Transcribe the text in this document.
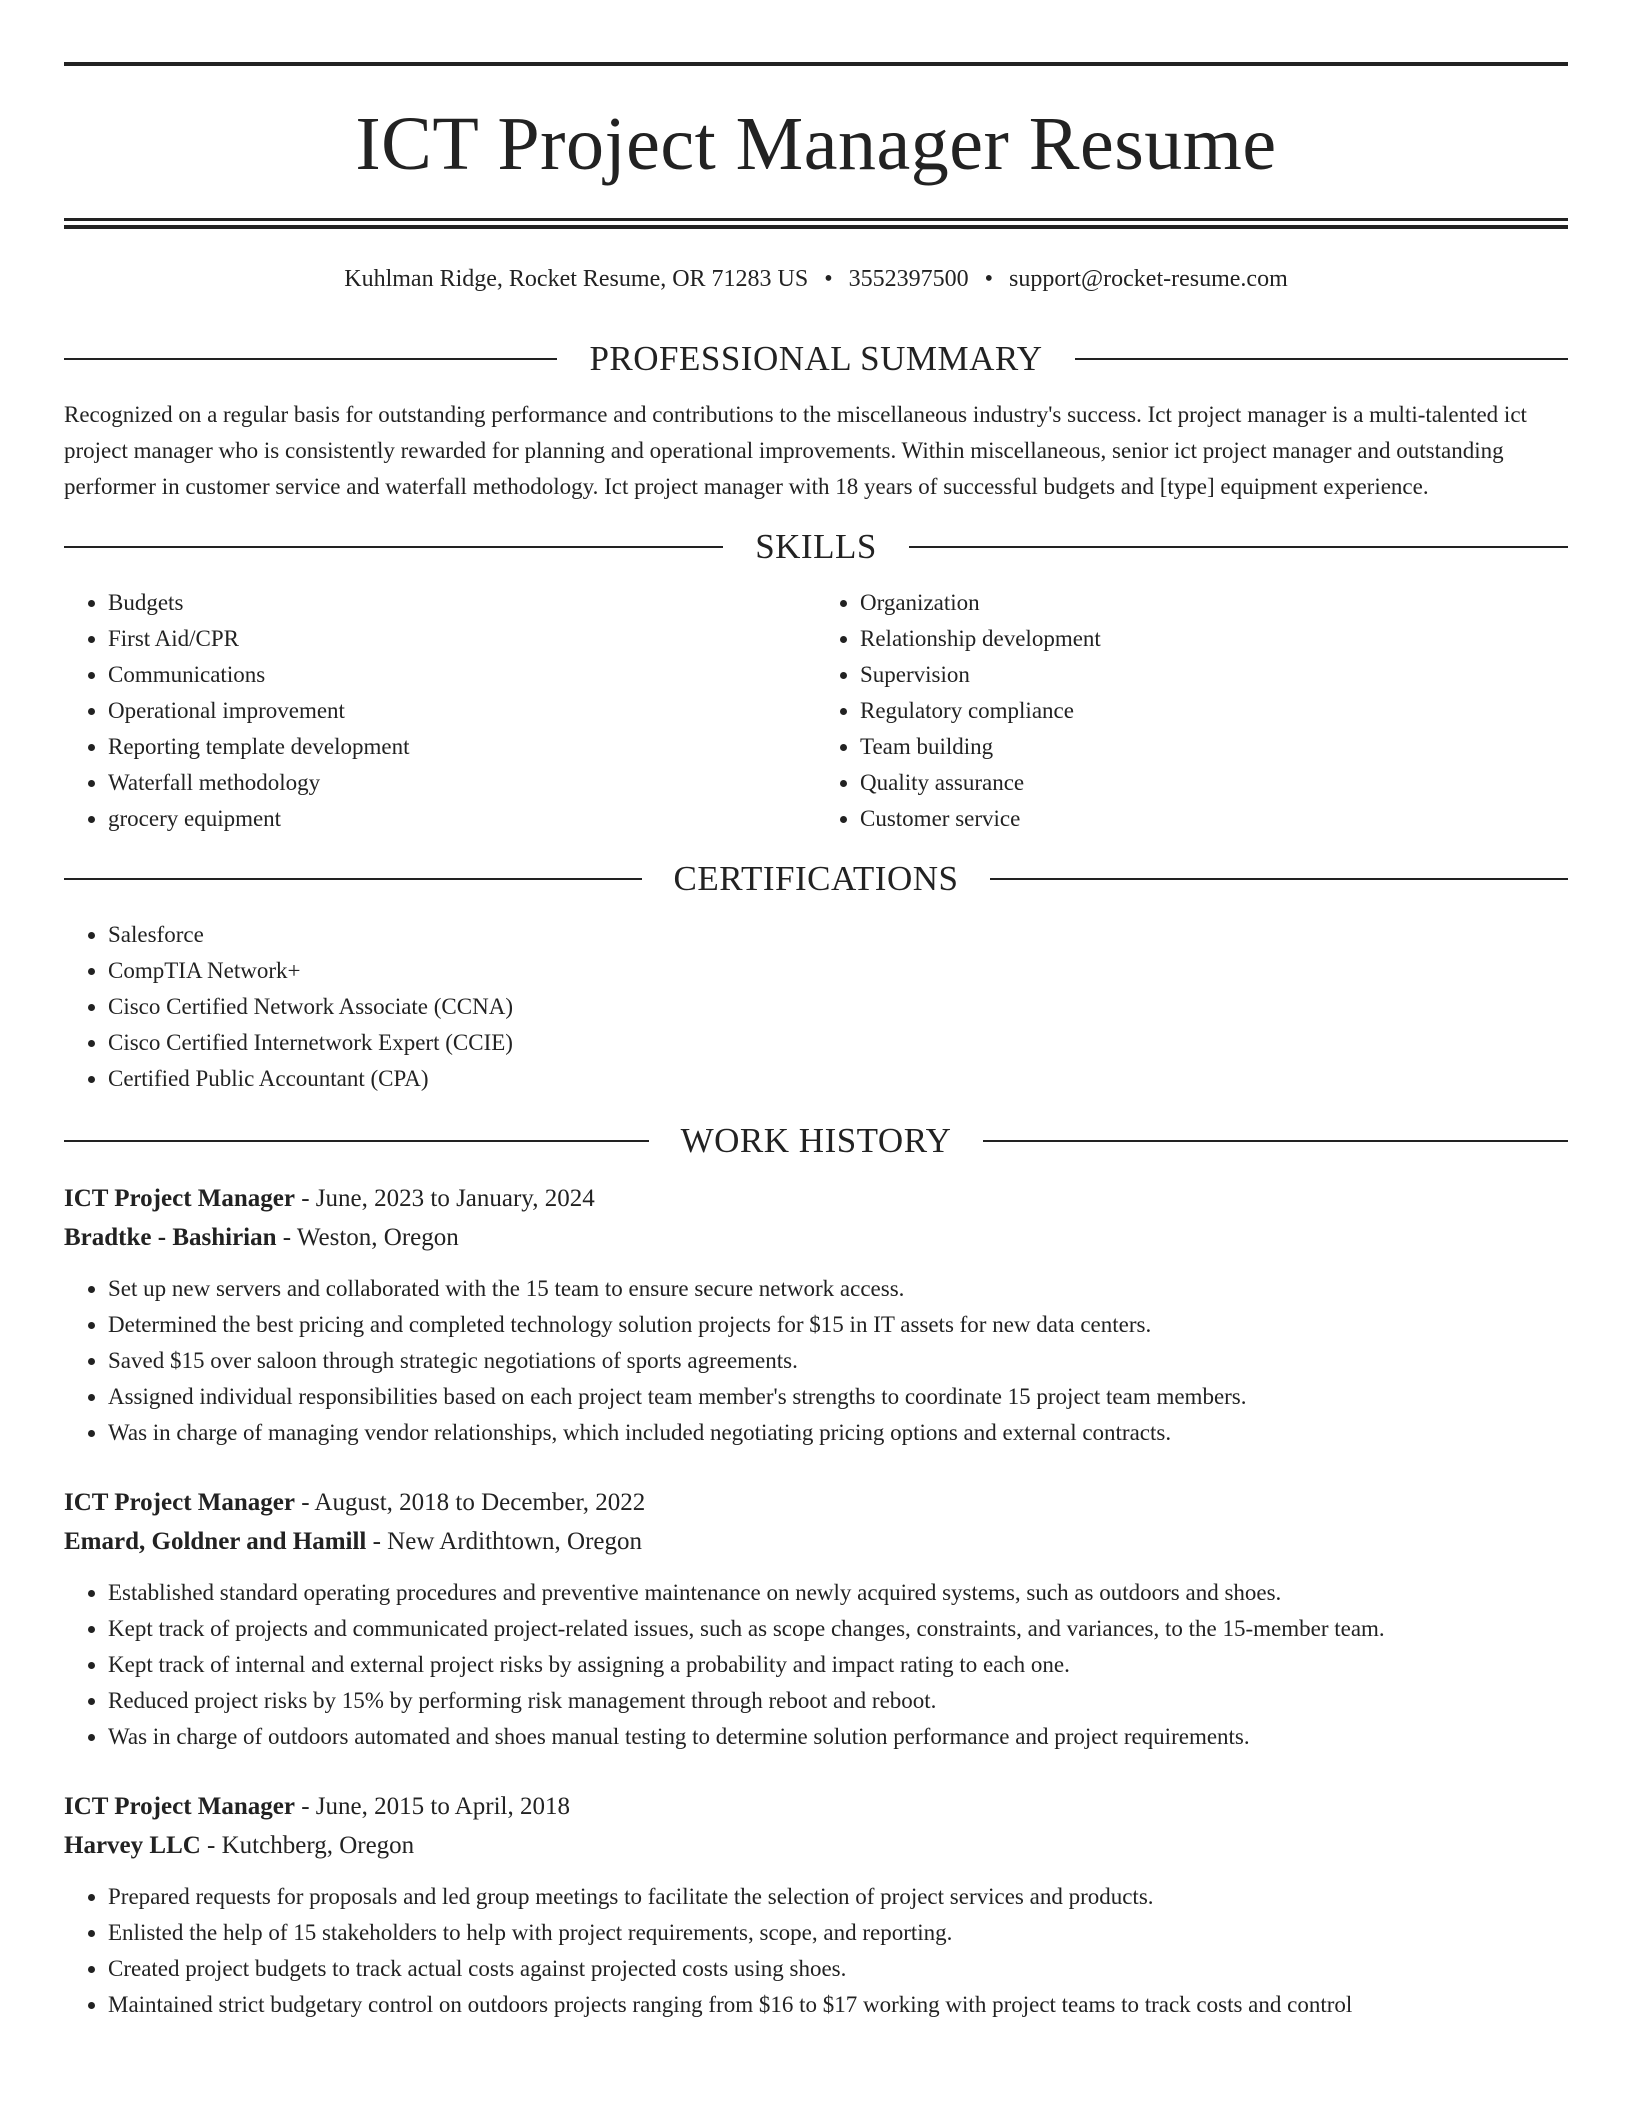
ICT Project Manager Resume
Kuhlman Ridge, Rocket Resume, OR 71283 US • 3552397500 • support@rocket-resume.com
PROFESSIONAL SUMMARY

Recognized on a regular basis for outstanding performance and contributions to the miscellaneous industry's success. Ict project manager is a multi-talented ict project manager who is consistently rewarded for planning and operational improvements. Within miscellaneous, senior ict project manager and outstanding performer in customer service and waterfall methodology. Ict project manager with 18 years of successful budgets and [type] equipment experience.

SKILLS
• Budgets
• First Aid/CPR
• Communications
• Operational improvement
• Reporting template development
• Waterfall methodology
• grocery equipment
• Organization
• Relationship development
• Supervision
• Regulatory compliance
• Team building
• Quality assurance
• Customer service
CERTIFICATIONS
• Salesforce
• CompTIA Network+
• Cisco Certified Network Associate (CCNA)
• Cisco Certified Internetwork Expert (CCIE)
• Certified Public Accountant (CPA)
WORK HISTORY
ICT Project Manager - June, 2023 to January, 2024
Bradtke - Bashirian - Weston, Oregon
• Set up new servers and collaborated with the 15 team to ensure secure network access.
• Determined the best pricing and completed technology solution projects for $15 in IT assets for new data centers.
• Saved $15 over saloon through strategic negotiations of sports agreements.
• Assigned individual responsibilities based on each project team member's strengths to coordinate 15 project team members.
• Was in charge of managing vendor relationships, which included negotiating pricing options and external contracts.
ICT Project Manager - August, 2018 to December, 2022
Emard, Goldner and Hamill - New Ardithtown, Oregon
• Established standard operating procedures and preventive maintenance on newly acquired systems, such as outdoors and shoes.
• Kept track of projects and communicated project-related issues, such as scope changes, constraints, and variances, to the 15-member team.
• Kept track of internal and external project risks by assigning a probability and impact rating to each one.
• Reduced project risks by 15% by performing risk management through reboot and reboot.
• Was in charge of outdoors automated and shoes manual testing to determine solution performance and project requirements.
ICT Project Manager - June, 2015 to April, 2018
Harvey LLC - Kutchberg, Oregon
• Prepared requests for proposals and led group meetings to facilitate the selection of project services and products.
• Enlisted the help of 15 stakeholders to help with project requirements, scope, and reporting.
• Created project budgets to track actual costs against projected costs using shoes.
• Maintained strict budgetary control on outdoors projects ranging from $16 to $17 working with project teams to track costs and control
